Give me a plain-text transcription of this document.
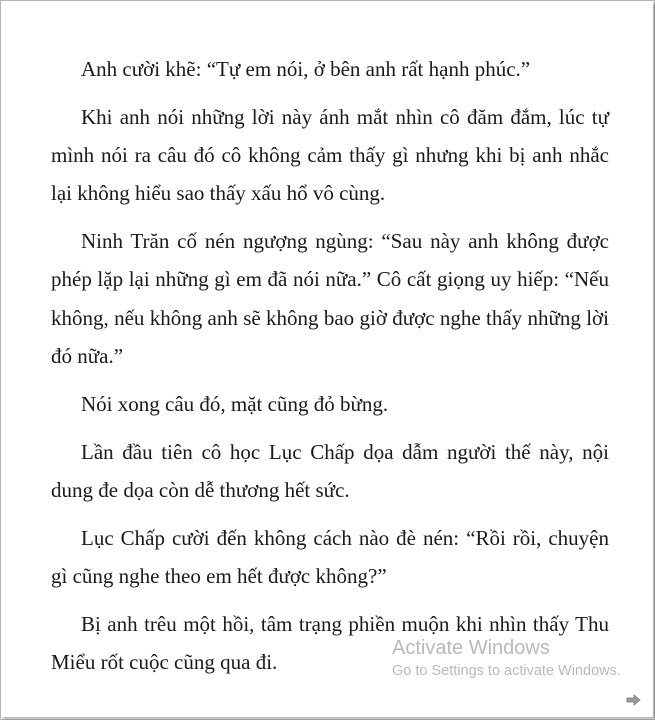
Anh cười khẽ: “Tự em nói, ở bên anh rất hạnh phúc.”

Khi anh nói những lời này ánh mắt nhìn cô đăm đắm, lúc tự mình nói ra câu đó cô không cảm thấy gì nhưng khi bị anh nhắc lại không hiểu sao thấy xấu hổ vô cùng.

Ninh Trăn cố nén ngượng ngùng: “Sau này anh không được phép lặp lại những gì em đã nói nữa.” Cô cất giọng uy hiếp: “Nếu không, nếu không anh sẽ không bao giờ được nghe thấy những lời đó nữa.”

Nói xong câu đó, mặt cũng đỏ bừng.

Lần đầu tiên cô học Lục Chấp dọa dẫm người thế này, nội dung đe dọa còn dễ thương hết sức.

Lục Chấp cười đến không cách nào đè nén: “Rồi rồi, chuyện gì cũng nghe theo em hết được không?”

Bị anh trêu một hồi, tâm trạng phiền muộn khi nhìn thấy Thu Miểu rốt cuộc cũng qua đi.

Activate Windows
Go to Settings to activate Windows.
